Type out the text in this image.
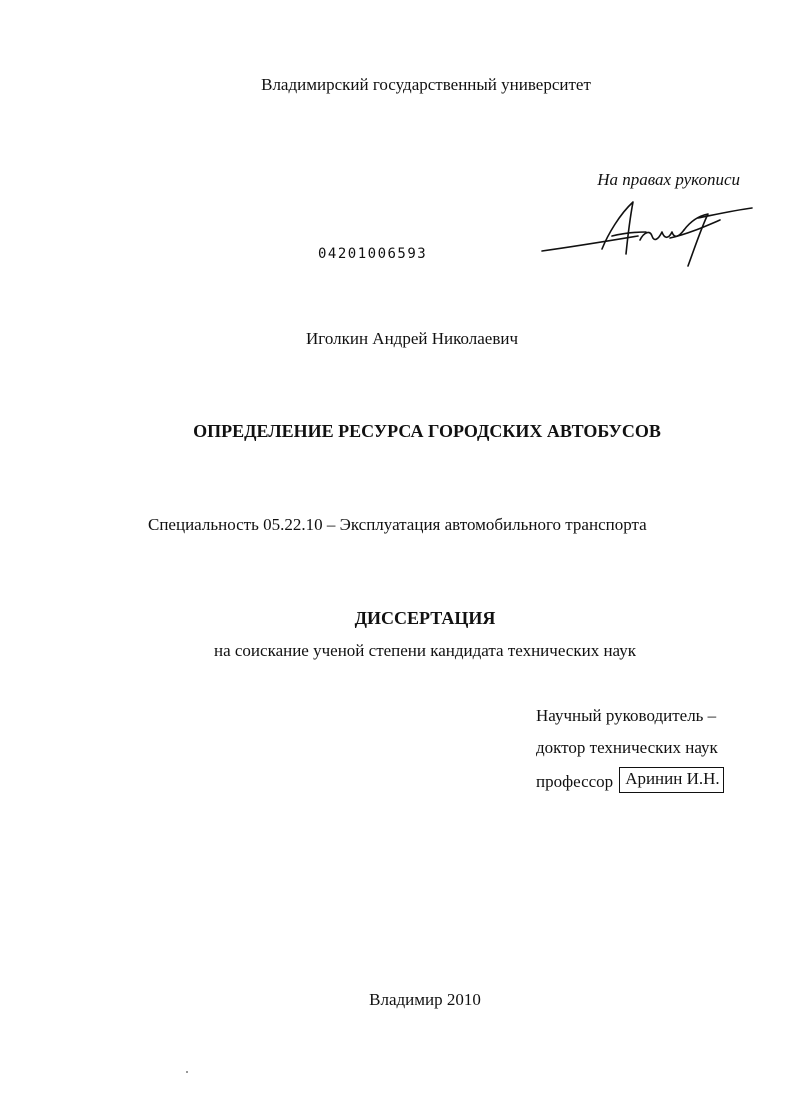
Владимирский государственный университет
На правах рукописи
04201006593
Иголкин Андрей Николаевич
ОПРЕДЕЛЕНИЕ РЕСУРСА ГОРОДСКИХ АВТОБУСОВ
Специальность 05.22.10 – Эксплуатация автомобильного транспорта
ДИССЕРТАЦИЯ
на соискание ученой степени кандидата технических наук
Научный руководитель –
доктор технических наук
профессор Аринин И.Н.
Владимир 2010
